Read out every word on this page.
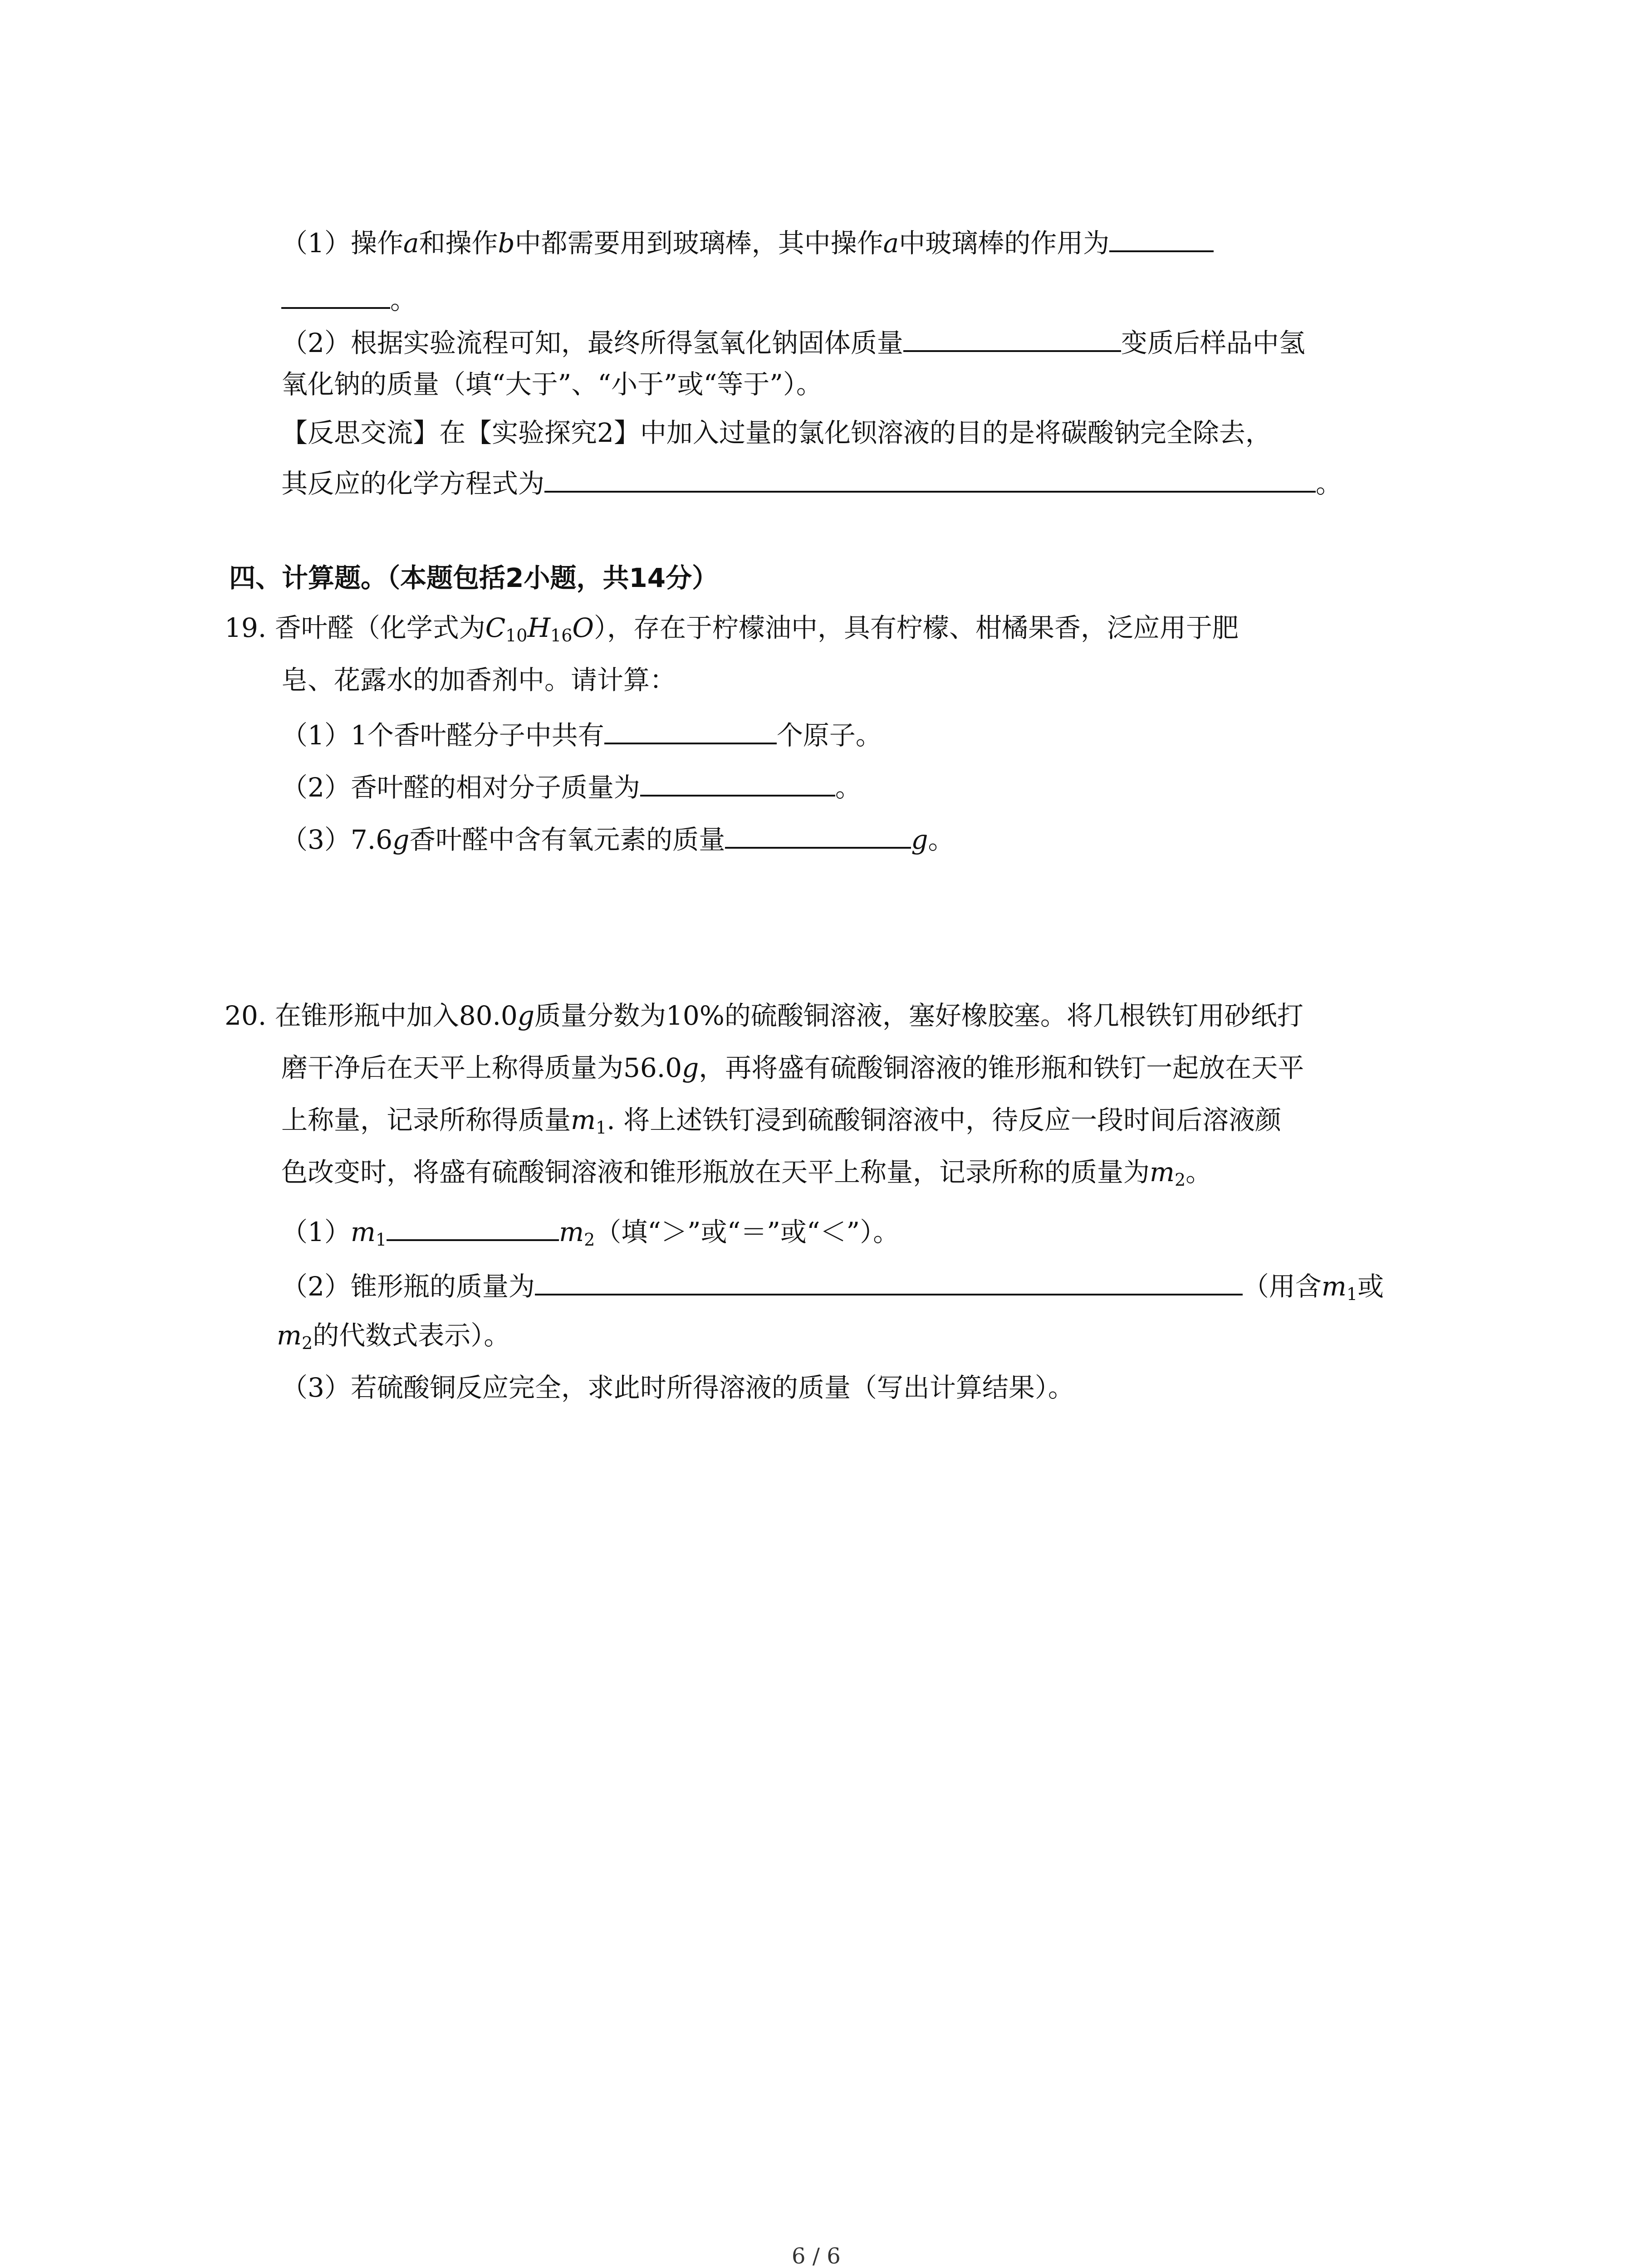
（1）操作a和操作b中都需要用到玻璃棒，其中操作a中玻璃棒的作用为
。
（2）根据实验流程可知，最终所得氢氧化钠固体质量	变质后样品中氢
氧化钠的质量（填“大于”、“小于”或“等于”）。
【反思交流】在【实验探究2】中加入过量的氯化钡溶液的目的是将碳酸钠完全除去，
其反应的化学方程式为	。
四、计算题。（本题包括2小题，共14分）
19. 香叶醛（化学式为$C_{10}H_{16}O$），存在于柠檬油中，具有柠檬、柑橘果香，泛应用于肥
皂、花露水的加香剂中。请计算：
（1）1个香叶醛分子中共有	个原子。
（2）香叶醛的相对分子质量为	。
（3）7.6g香叶醛中含有氧元素的质量	g。
20. 在锥形瓶中加入80.0g质量分数为10%的硫酸铜溶液，塞好橡胶塞。将几根铁钉用砂纸打
磨干净后在天平上称得质量为56.0g，再将盛有硫酸铜溶液的锥形瓶和铁钉一起放在天平
上称量，记录所称得质量$m_1$. 将上述铁钉浸到硫酸铜溶液中，待反应一段时间后溶液颜
色改变时，将盛有硫酸铜溶液和锥形瓶放在天平上称量，记录所称的质量为$m_2$。
$(1)m_1$	$m_2$（填“＞”或“＝”或“＜”）。
（2）锥形瓶的质量为	（用含$m_1$或
$m_2$的代数式表示）。
（3）若硫酸铜反应完全，求此时所得溶液的质量（写出计算结果）。
6 / 6
